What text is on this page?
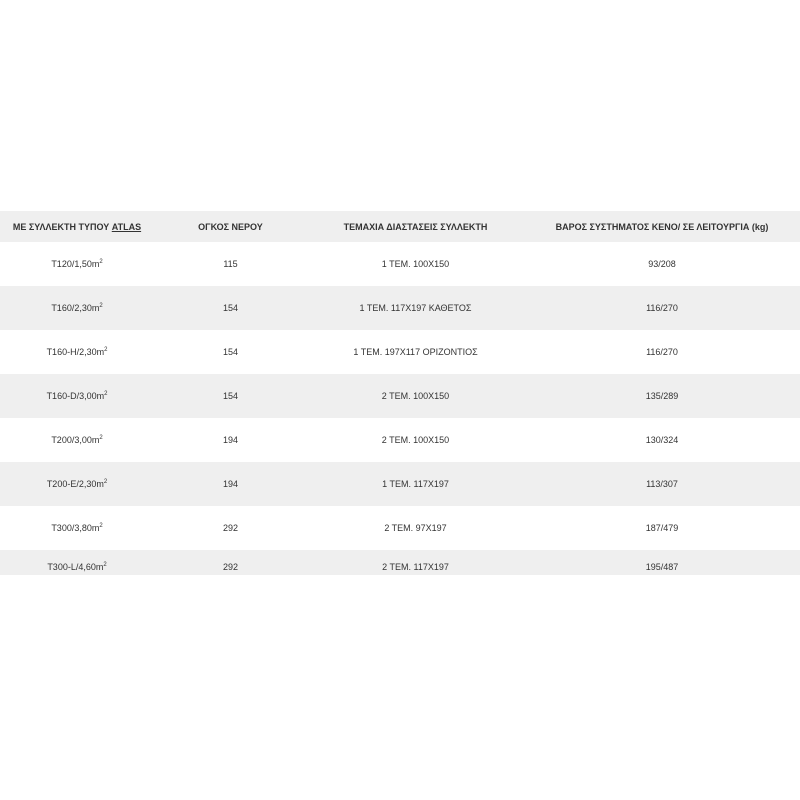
ΜΕ ΣΥΛΛΕΚΤΗ ΤΥΠΟΥ ATLAS	ΟΓΚΟΣ ΝΕΡΟΥ	ΤΕΜΑΧΙΑ ΔΙΑΣΤΑΣΕΙΣ ΣΥΛΛΕΚΤΗ	ΒΑΡΟΣ ΣΥΣΤΗΜΑΤΟΣ ΚΕΝΟ/ ΣΕ ΛΕΙΤΟΥΡΓΙΑ (kg)
$T120/1,50m^2$	115	1 ΤΕΜ. 100X150	93/208
$T160/2,30m^2$	154	1 ΤΕΜ. 117X197 ΚΑΘΕΤΟΣ	116/270
$T160-H/2,30m^2$	154	1 ΤΕΜ. 197X117 ΟΡΙΖΟΝΤΙΟΣ	116/270
$T160-D/3,00m^2$	154	2 ΤΕΜ. 100X150	135/289
$T200/3,00m^2$	194	2 ΤΕΜ. 100X150	130/324
$T200-E/2,30m^2$	194	1 ΤΕΜ. 117X197	113/307
$T300/3,80m^2$	292	2 ΤΕΜ. 97X197	187/479
$T300-L/4,60m^2$	292	2 ΤΕΜ. 117X197	195/487
